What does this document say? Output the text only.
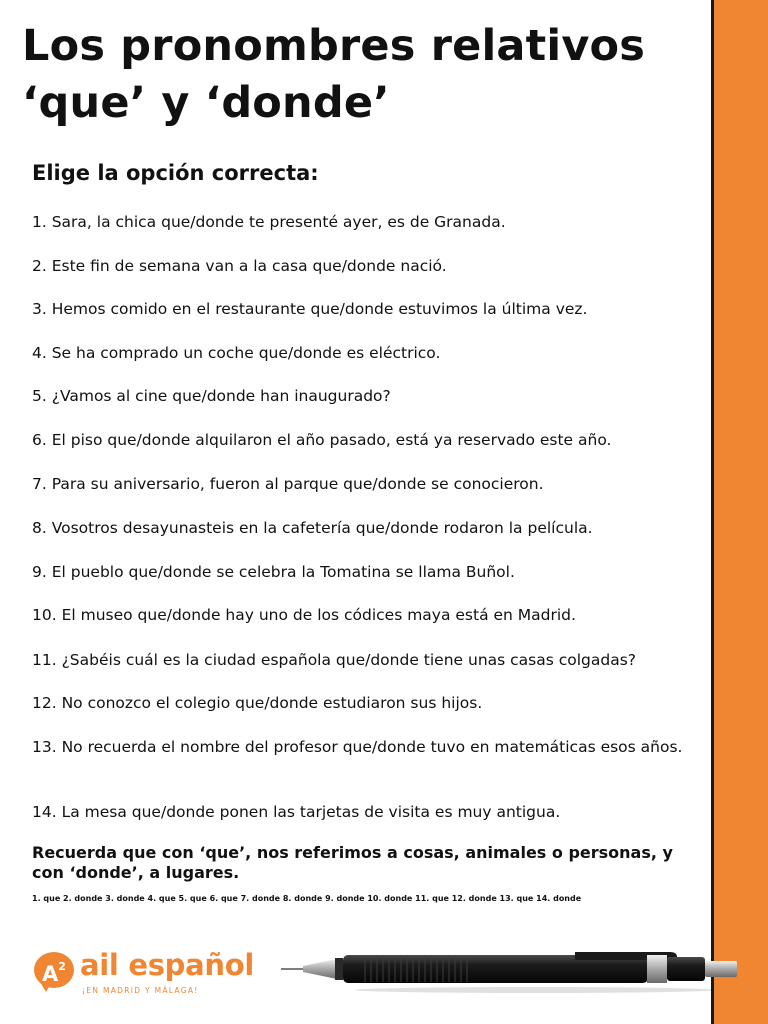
Los pronombres relativos
‘que’ y ‘donde’
Elige la opción correcta:

1. Sara, la chica que/donde te presenté ayer, es de Granada.

2. Este fin de semana van a la casa que/donde nació.

3. Hemos comido en el restaurante que/donde estuvimos la última vez.

4. Se ha comprado un coche que/donde es eléctrico.

5. ¿Vamos al cine que/donde han inaugurado?

6. El piso que/donde alquilaron el año pasado, está ya reservado este año.

7. Para su aniversario, fueron al parque que/donde se conocieron.

8. Vosotros desayunasteis en la cafetería que/donde rodaron la película.

9. El pueblo que/donde se celebra la Tomatina se llama Buñol.

10. El museo que/donde hay uno de los códices maya está en Madrid.

11. ¿Sabéis cuál es la ciudad española que/donde tiene unas casas colgadas?

12. No conozco el colegio que/donde estudiaron sus hijos.

13. No recuerda el nombre del profesor que/donde tuvo en matemáticas esos años.

14. La mesa que/donde ponen las tarjetas de visita es muy antigua.

Recuerda que con ‘que’, nos referimos a cosas, animales o personas, y con ‘donde’, a lugares.

1. que 2. donde 3. donde 4. que 5. que 6. que 7. donde 8. donde 9. donde 10. donde 11. que 12. donde 13. que 14. donde

$A^2$ ail español
¡EN MADRID Y MÁLAGA!
